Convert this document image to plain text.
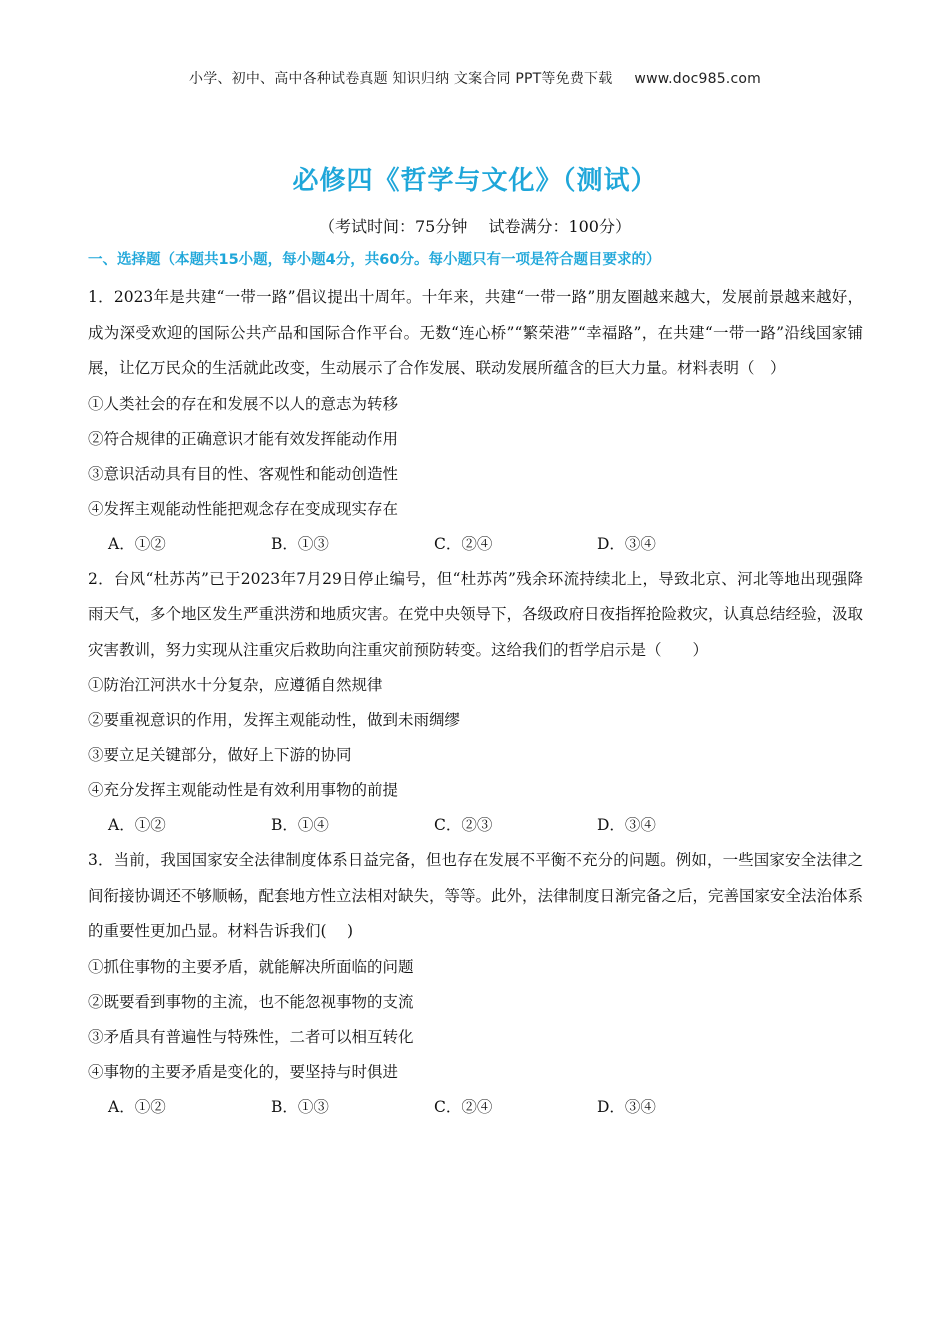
小学、初中、高中各种试卷真题 知识归纳 文案合同 PPT等免费下载 www.doc985.com
必修四《哲学与文化》（测试）
（考试时间：75分钟　 试卷满分：100分）
一、选择题（本题共15小题，每小题4分，共60分。每小题只有一项是符合题目要求的）

1．2023年是共建“一带一路”倡议提出十周年。十年来，共建“一带一路”朋友圈越来越大，发展前景越来越好，成为深受欢迎的国际公共产品和国际合作平台。无数“连心桥”“繁荣港”“幸福路”，在共建“一带一路”沿线国家铺展，让亿万民众的生活就此改变，生动展示了合作发展、联动发展所蕴含的巨大力量。材料表明（　）

①人类社会的存在和发展不以人的意志为转移

②符合规律的正确意识才能有效发挥能动作用

③意识活动具有目的性、客观性和能动创造性

④发挥主观能动性能把观念存在变成现实存在

A．①②	B．①③	C．②④	D．③④

2．台风“杜苏芮”已于2023年7月29日停止编号，但“杜苏芮”残余环流持续北上，导致北京、河北等地出现强降雨天气，多个地区发生严重洪涝和地质灾害。在党中央领导下，各级政府日夜指挥抢险救灾，认真总结经验，汲取灾害教训，努力实现从注重灾后救助向注重灾前预防转变。这给我们的哲学启示是（　　）

①防治江河洪水十分复杂，应遵循自然规律

②要重视意识的作用，发挥主观能动性，做到未雨绸缪

③要立足关键部分，做好上下游的协同

④充分发挥主观能动性是有效利用事物的前提

A．①②	B．①④	C．②③	D．③④

3．当前，我国国家安全法律制度体系日益完备，但也存在发展不平衡不充分的问题。例如，一些国家安全法律之间衔接协调还不够顺畅，配套地方性立法相对缺失，等等。此外，法律制度日渐完备之后，完善国家安全法治体系的重要性更加凸显。材料告诉我们(　 )

①抓住事物的主要矛盾，就能解决所面临的问题

②既要看到事物的主流，也不能忽视事物的支流

③矛盾具有普遍性与特殊性，二者可以相互转化

④事物的主要矛盾是变化的，要坚持与时俱进

A．①②	B．①③	C．②④	D．③④
